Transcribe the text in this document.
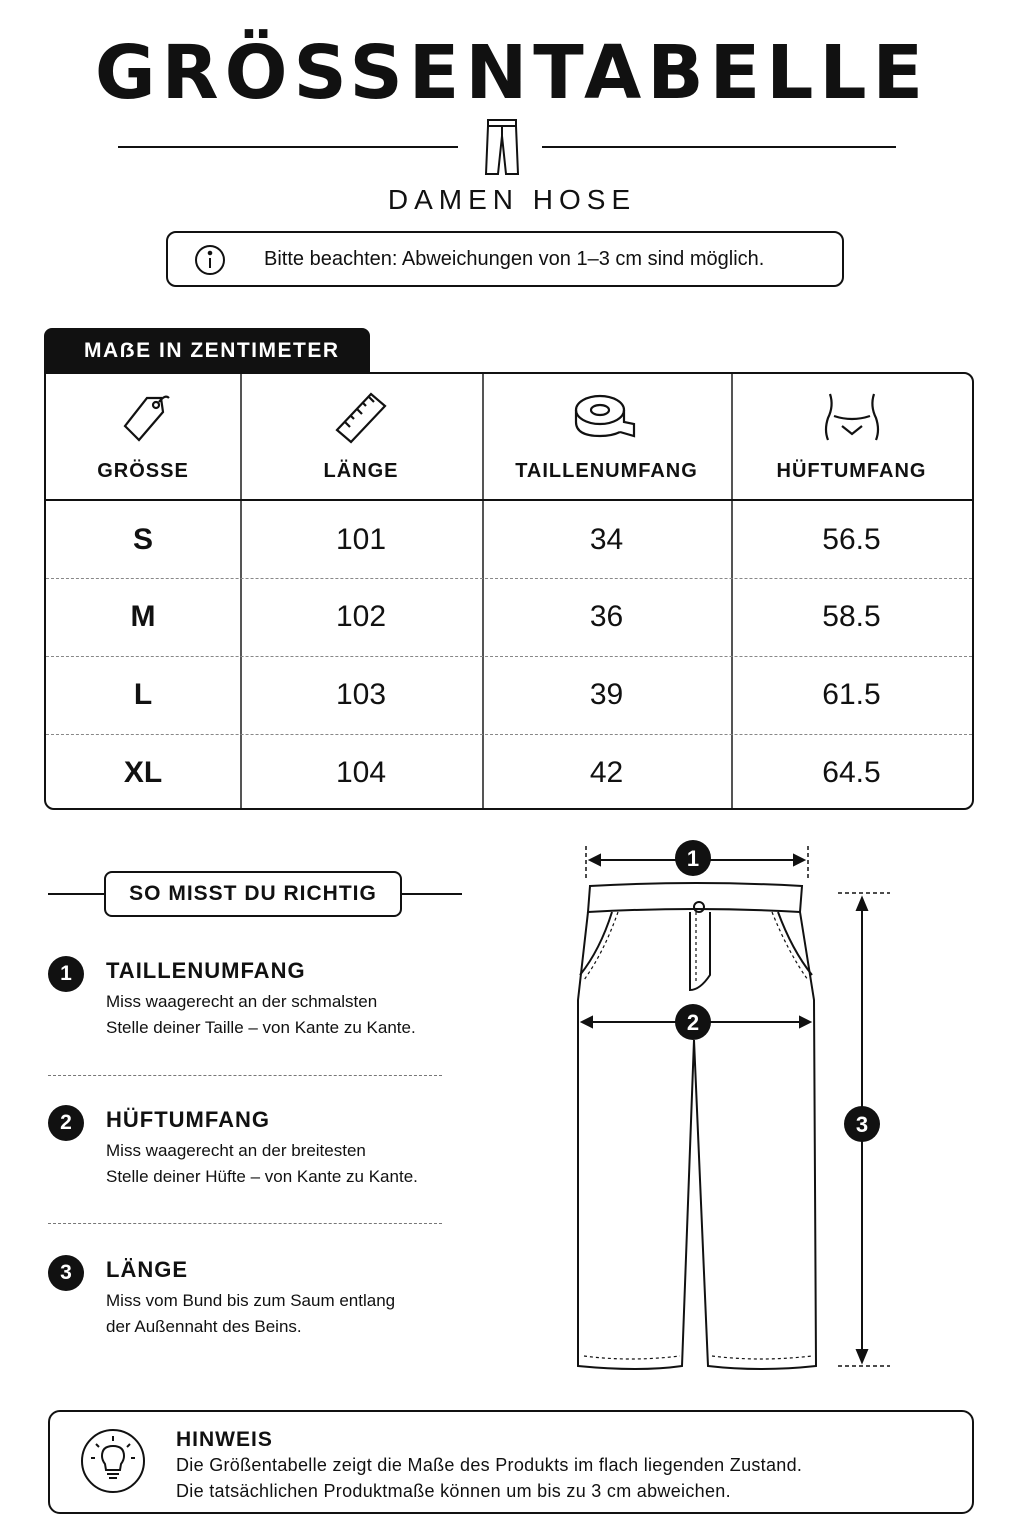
GRÖSSENTABELLE
DAMEN HOSE
Bitte beachten: Abweichungen von 1–3 cm sind möglich.
MAẞE IN ZENTIMETER
GRÖSSE	LÄNGE	TAILLENUMFANG	HÜFTUMFANG
S	101	34	56.5
M	102	36	58.5
L	103	39	61.5
XL	104	42	64.5
SO MISST DU RICHTIG
1	TAILLENUMFANG
Miss waagerecht an der schmalsten
Stelle deiner Taille – von Kante zu Kante.
2	HÜFTUMFANG
Miss waagerecht an der breitesten
Stelle deiner Hüfte – von Kante zu Kante.
3	LÄNGE
Miss vom Bund bis zum Saum entlang
der Außennaht des Beins.
1
2
3
HINWEIS
Die Größentabelle zeigt die Maße des Produkts im flach liegenden Zustand.
Die tatsächlichen Produktmaße können um bis zu 3 cm abweichen.
